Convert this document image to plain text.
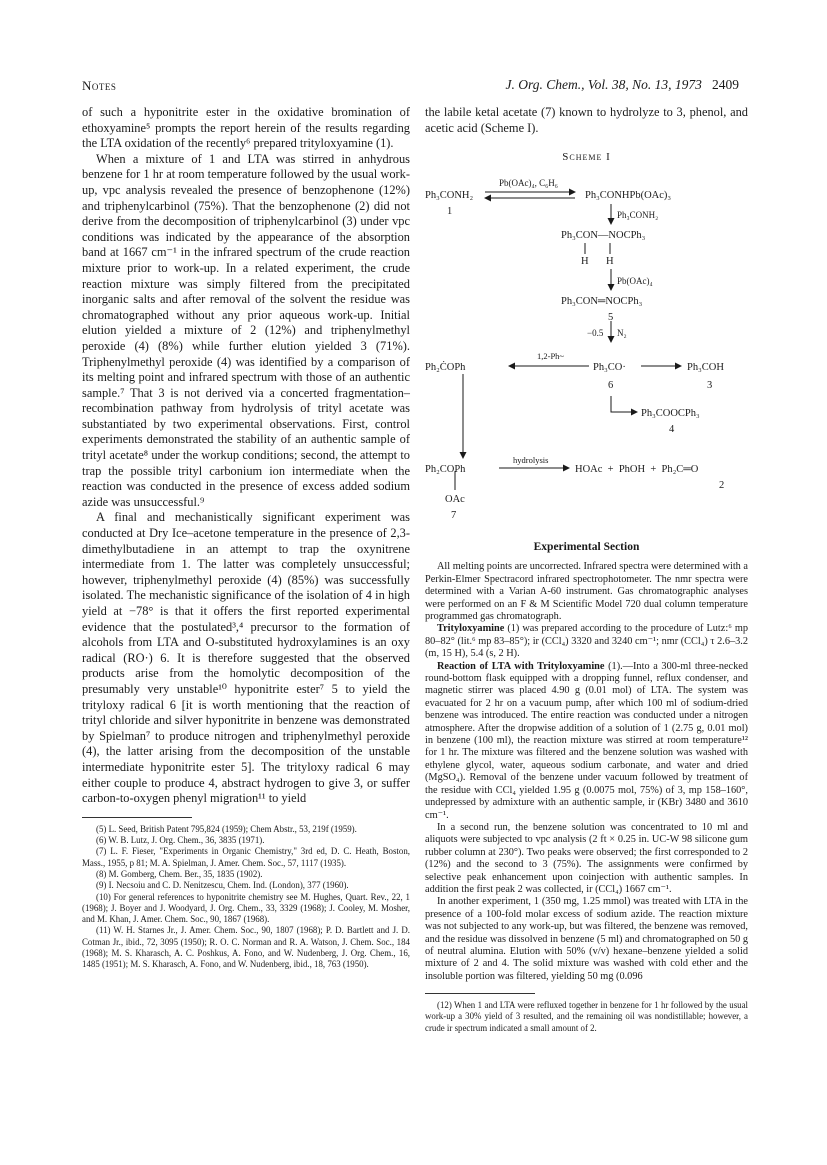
Notes	J. Org. Chem., Vol. 38, No. 13, 1973 2409

of such a hyponitrite ester in the oxidative bromination of ethoxyamine⁵ prompts the report herein of the results regarding the LTA oxidation of the recently⁶ prepared trityloxyamine (1).

When a mixture of 1 and LTA was stirred in anhydrous benzene for 1 hr at room temperature followed by the usual work-up, vpc analysis revealed the presence of benzophenone (12%) and triphenylcarbinol (75%). That the benzophenone (2) did not derive from the decomposition of triphenylcarbinol (3) under vpc conditions was indicated by the appearance of the absorption band at 1667 cm⁻¹ in the infrared spectrum of the crude reaction mixture prior to work-up. In a related experiment, the crude reaction mixture was simply filtered from the precipitated inorganic salts and after removal of the solvent the residue was chromatographed without any prior aqueous work-up. Initial elution yielded a mixture of 2 (12%) and triphenylmethyl peroxide (4) (8%) while further elution yielded 3 (71%). Triphenylmethyl peroxide (4) was identified by a comparison of its melting point and infrared spectrum with those of an authentic sample.⁷ That 3 is not derived via a concerted fragmentation–recombination pathway from hydrolysis of trityl acetate was substantiated by two experimental observations. First, control experiments demonstrated the stability of an authentic sample of trityl acetate⁸ under the workup conditions; second, the attempt to trap the possible trityl carbonium ion intermediate when the reaction was conducted in the presence of excess added sodium azide was unsuccessful.⁹

A final and mechanistically significant experiment was conducted at Dry Ice–acetone temperature in the presence of 2,3-dimethylbutadiene in an attempt to trap the oxynitrene intermediate from 1. The latter was completely unsuccessful; however, triphenylmethyl peroxide (4) (85%) was successfully isolated. The mechanistic significance of the isolation of 4 in high yield at −78° is that it offers the first reported experimental evidence that the postulated³,⁴ precursor to the formation of alcohols from LTA and O-substituted hydroxylamines is an oxy radical (RO·) 6. It is therefore suggested that the observed products arise from the homolytic decomposition of the presumably very unstable¹⁰ hyponitrite ester⁷ 5 to yield the trityloxy radical 6 [it is worth mentioning that the reaction of trityl chloride and silver hyponitrite in benzene was demonstrated by Spielman⁷ to produce nitrogen and triphenylmethyl peroxide (4), the latter arising from the decomposition of the unstable intermediate hyponitrite ester 5]. The trityloxy radical 6 may either couple to produce 4, abstract hydrogen to give 3, or suffer carbon-to-oxygen phenyl migration¹¹ to yield

(5) L. Seed, British Patent 795,824 (1959); Chem Abstr., 53, 219f (1959).

(6) W. B. Lutz, J. Org. Chem., 36, 3835 (1971).

(7) L. F. Fieser, "Experiments in Organic Chemistry," 3rd ed, D. C. Heath, Boston, Mass., 1955, p 81; M. A. Spielman, J. Amer. Chem. Soc., 57, 1117 (1935).

(8) M. Gomberg, Chem. Ber., 35, 1835 (1902).

(9) I. Necsoiu and C. D. Nenitzescu, Chem. Ind. (London), 377 (1960).

(10) For general references to hyponitrite chemistry see M. Hughes, Quart. Rev., 22, 1 (1968); J. Boyer and J. Woodyard, J. Org. Chem., 33, 3329 (1968); J. Cooley, M. Mosher, and M. Khan, J. Amer. Chem. Soc., 90, 1867 (1968).

(11) W. H. Starnes Jr., J. Amer. Chem. Soc., 90, 1807 (1968); P. D. Bartlett and J. D. Cotman Jr., ibid., 72, 3095 (1950); R. O. C. Norman and R. A. Watson, J. Chem. Soc., 184 (1968); M. S. Kharasch, A. C. Poshkus, A. Fono, and W. Nudenberg, J. Org. Chem., 16, 1485 (1951); M. S. Kharasch, A. Fono, and W. Nudenberg, ibid., 18, 763 (1950).

the labile ketal acetate (7) known to hydrolyze to 3, phenol, and acetic acid (Scheme I).

Scheme I
Pb(OAc)₄, C₆H₆
Ph₃CONH₂
1
Ph₃CONHPb(OAc)₃
Ph₃CONH₂
Ph₃CON—NOCPh₃
H H
Pb(OAc)₄
Ph₃CON═NOCPh₃
5
−0.5 N₂
1,2-Ph~
Ph₂ĊOPh	Ph₃CO·
6
Ph₃COH
3
Ph₃COOCPh₃
4
Ph₂COPh
OAc
7
hydrolysis
HOAc  +  PhOH  +  Ph₂C═O
2
Experimental Section

All melting points are uncorrected. Infrared spectra were determined with a Perkin-Elmer Spectracord infrared spectrophotometer. The nmr spectra were determined with a Varian A-60 instrument. Gas chromatographic analyses were performed on an F & M Scientific Model 720 dual column temperature programmed gas chromatograph.

Trityloxyamine (1) was prepared according to the procedure of Lutz:⁶ mp 80–82° (lit.⁶ mp 83–85°); ir (CCl₄) 3320 and 3240 cm⁻¹; nmr (CCl₄) τ 2.6–3.2 (m, 15 H), 5.4 (s, 2 H).

Reaction of LTA with Trityloxyamine (1).—Into a 300-ml three-necked round-bottom flask equipped with a dropping funnel, reflux condenser, and magnetic stirrer was placed 4.90 g (0.01 mol) of LTA. The system was evacuated for 2 hr on a vacuum pump, after which 100 ml of sodium-dried benzene was introduced. The entire reaction was conducted under a nitrogen atmosphere. After the dropwise addition of a solution of 1 (2.75 g, 0.01 mol) in benzene (100 ml), the reaction mixture was stirred at room temperature¹² for 1 hr. The mixture was filtered and the benzene solution was washed with ethylene glycol, water, aqueous sodium carbonate, and water and dried (MgSO₄). Removal of the benzene under vacuum followed by treatment of the residue with CCl₄ yielded 1.95 g (0.0075 mol, 75%) of 3, mp 158–160°, undepressed by admixture with an authentic sample, ir (KBr) 3480 and 3610 cm⁻¹.

In a second run, the benzene solution was concentrated to 10 ml and aliquots were subjected to vpc analysis (2 ft × 0.25 in. UC-W 98 silicone gum rubber column at 230°). Two peaks were observed; the first corresponded to 2 (12%) and the second to 3 (75%). The assignments were confirmed by selective peak enhancement upon coinjection with authentic samples. In addition the first peak 2 was collected, ir (CCl₄) 1667 cm⁻¹.

In another experiment, 1 (350 mg, 1.25 mmol) was treated with LTA in the presence of a 100-fold molar excess of sodium azide. The reaction mixture was not subjected to any work-up, but was filtered, the benzene was removed, and the residue was dissolved in benzene (5 ml) and chromatographed on 50 g of neutral alumina. Elution with 50% (v/v) hexane–benzene yielded a solid mixture of 2 and 4. The solid mixture was washed with cold ether and the insoluble portion was filtered, yielding 50 mg (0.096

(12) When 1 and LTA were refluxed together in benzene for 1 hr followed by the usual work-up a 30% yield of 3 resulted, and the remaining oil was nondistillable; however, a crude ir spectrum indicated a small amount of 2.
